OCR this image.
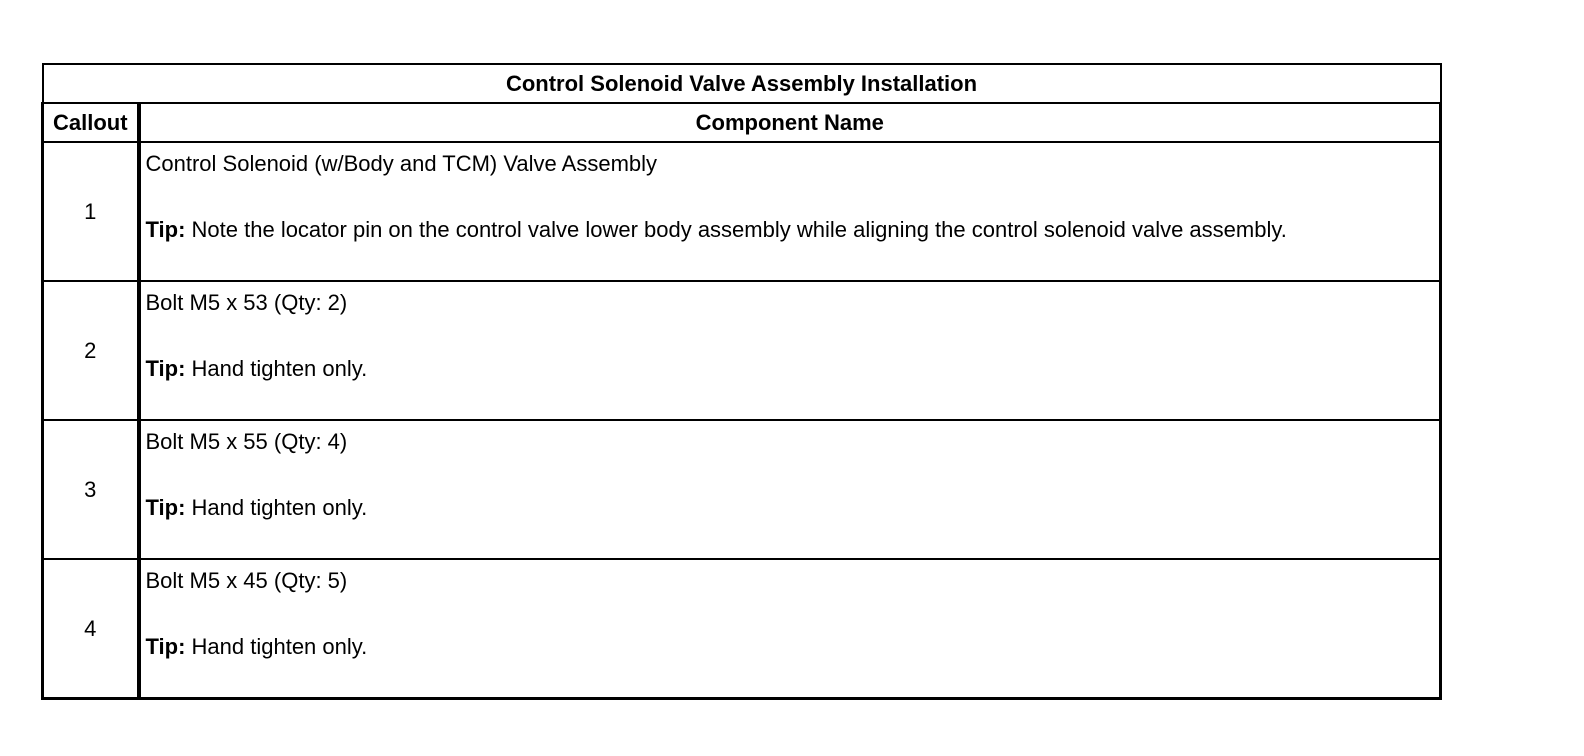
Control Solenoid Valve Assembly Installation	
Callout	Component Name
1	Control Solenoid (w/Body and TCM) Valve Assembly
Tip: Note the locator pin on the control valve lower body assembly while aligning the control solenoid valve assembly.

2	Bolt M5 x 53 (Qty: 2)
Tip: Hand tighten only.

3	Bolt M5 x 55 (Qty: 4)
Tip: Hand tighten only.

4	Bolt M5 x 45 (Qty: 5)
Tip: Hand tighten only.
